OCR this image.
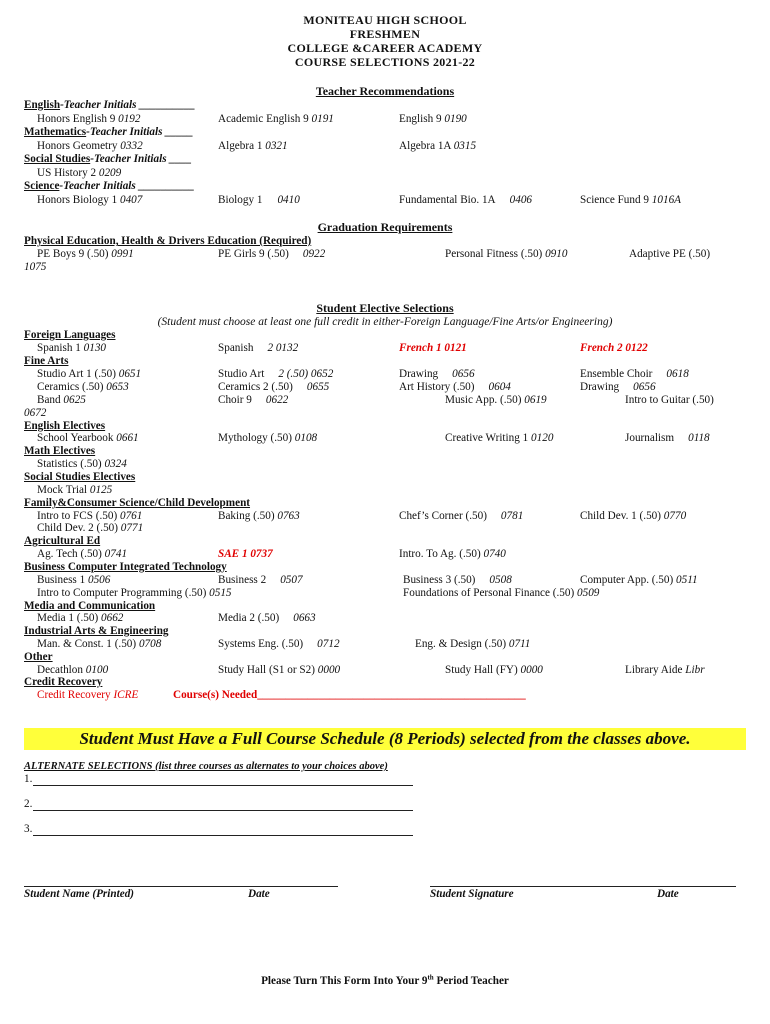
MONITEAU HIGH SCHOOL
FRESHMEN
COLLEGE &CAREER ACADEMY
COURSE SELECTIONS 2021-22
Teacher Recommendations
English-Teacher Initials __________
Honors English 9 0192	Academic English 9 0191	English 9 0190
Mathematics-Teacher Initials _____
Honors Geometry 0332	Algebra 1 0321	Algebra 1A 0315
Social Studies-Teacher Initials ____
US History 2 0209
Science-Teacher Initials __________
Honors Biology 1 0407	Biology 1 0410	Fundamental Bio. 1A 0406	Science Fund 9 1016A
Graduation Requirements
Physical Education, Health & Drivers Education (Required)
PE Boys 9 (.50) 0991	PE Girls 9 (.50) 0922	Personal Fitness (.50) 0910	Adaptive PE (.50)
1075
Student Elective Selections
(Student must choose at least one full credit in either-Foreign Language/Fine Arts/or Engineering)
Foreign Languages
Spanish 1 0130	Spanish 2 0132	French 1 0121	French 2 0122
Fine Arts
Studio Art 1 (.50) 0651	Studio Art 2 (.50) 0652	Drawing 0656	Ensemble Choir 0618
Ceramics (.50) 0653	Ceramics 2 (.50) 0655	Art History (.50) 0604	Drawing 0656
Band 0625	Choir 9 0622	Music App. (.50) 0619	Intro to Guitar (.50)
0672
English Electives
School Yearbook 0661	Mythology (.50) 0108	Creative Writing 1 0120	Journalism 0118
Math Electives
Statistics (.50) 0324
Social Studies Electives
Mock Trial 0125
Family&Consumer Science/Child Development
Intro to FCS (.50) 0761	Baking (.50) 0763	Chef’s Corner (.50) 0781	Child Dev. 1 (.50) 0770
Child Dev. 2 (.50) 0771
Agricultural Ed
Ag. Tech (.50) 0741	SAE 1 0737	Intro. To Ag. (.50) 0740
Business Computer Integrated Technology
Business 1 0506	Business 2 0507	Business 3 (.50) 0508	Computer App. (.50) 0511
Intro to Computer Programming (.50) 0515	Foundations of Personal Finance (.50) 0509
Media and Communication
Media 1 (.50) 0662	Media 2 (.50) 0663
Industrial Arts & Engineering
Man. & Const. 1 (.50) 0708	Systems Eng. (.50) 0712	Eng. & Design (.50) 0711
Other
Decathlon 0100	Study Hall (S1 or S2) 0000	Study Hall (FY) 0000	Library Aide Libr
Credit Recovery
Credit Recovery ICRE	Course(s) Needed________________________________________________
Student Must Have a Full Course Schedule (8 Periods) selected from the classes above.
ALTERNATE SELECTIONS (list three courses as alternates to your choices above)
1.
2.
3.
Student Name (Printed)	Date	Student Signature	Date
Please Turn This Form Into Your 9th Period Teacher
